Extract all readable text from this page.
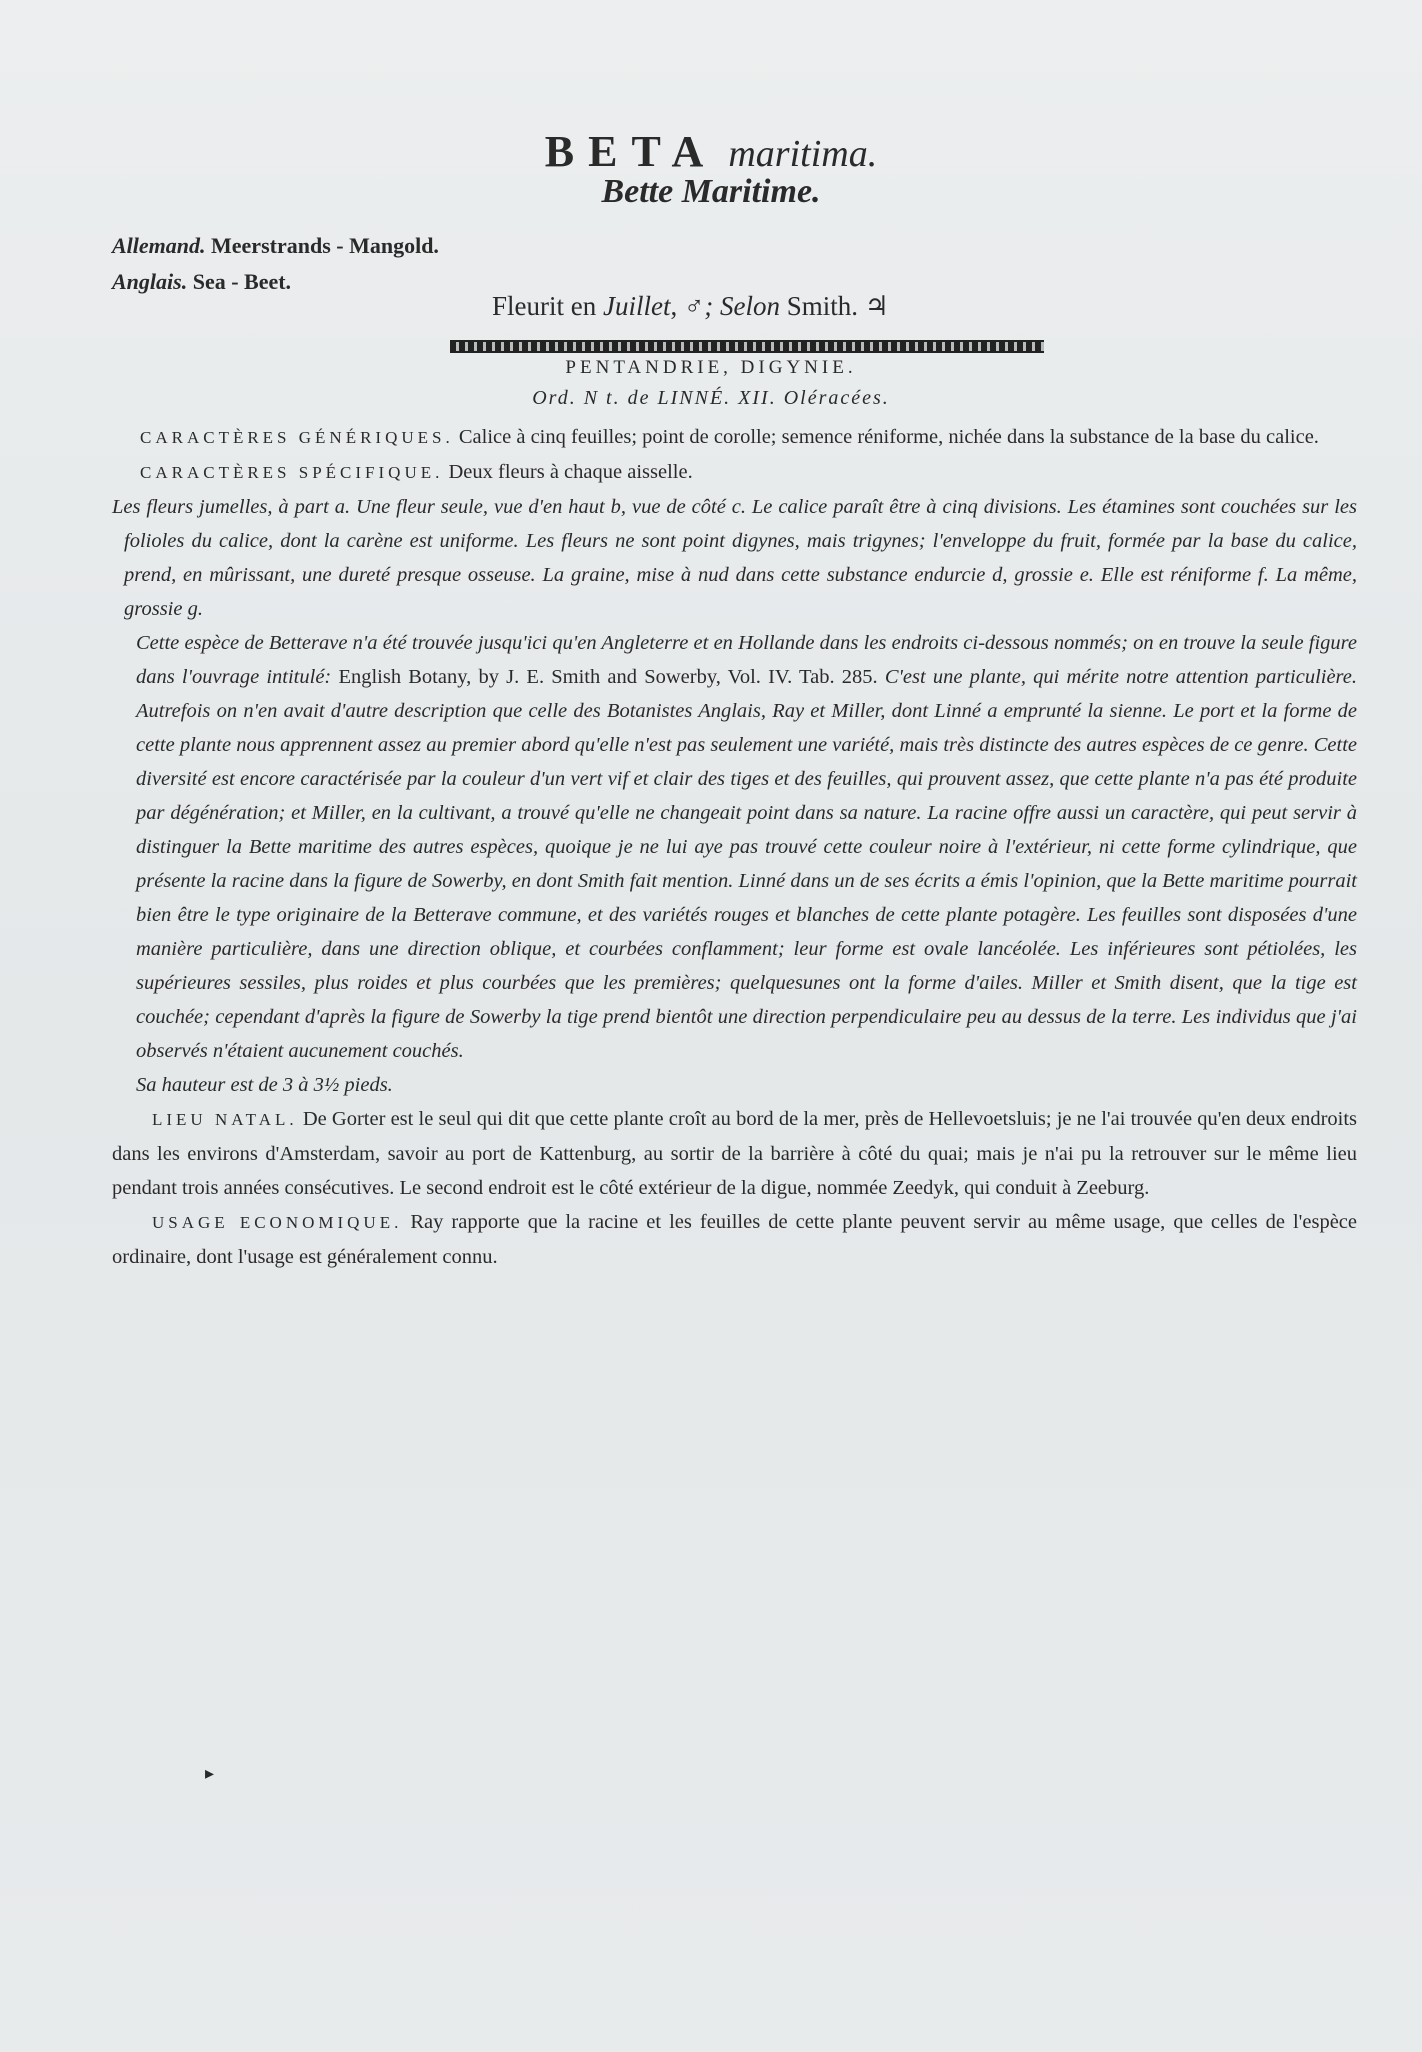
BETA maritima.
Bette Maritime.
Allemand. Meerstrands - Mangold.
Anglais. Sea - Beet.
Fleurit en Juillet, ♂; Selon Smith. ♃
PENTANDRIE, DIGYNIE.
Ord. N t. de LINNÉ. XII. Oléracées.

CARACTÈRES GÉNÉRIQUES. Calice à cinq feuilles; point de corolle; semence réniforme, nichée dans la substance de la base du calice.

CARACTÈRES SPÉCIFIQUE. Deux fleurs à chaque aisselle.

Les fleurs jumelles, à part a. Une fleur seule, vue d'en haut b, vue de côté c. Le calice paraît être à cinq divisions. Les étamines sont couchées sur les folioles du calice, dont la carène est uniforme. Les fleurs ne sont point digynes, mais trigynes; l'enveloppe du fruit, formée par la base du calice, prend, en mûrissant, une dureté presque osseuse. La graine, mise à nud dans cette substance endurcie d, grossie e. Elle est réniforme f. La même, grossie g.

Cette espèce de Betterave n'a été trouvée jusqu'ici qu'en Angleterre et en Hollande dans les endroits ci-dessous nommés; on en trouve la seule figure dans l'ouvrage intitulé: English Botany, by J. E. Smith and Sowerby, Vol. IV. Tab. 285. C'est une plante, qui mérite notre attention particulière. Autrefois on n'en avait d'autre description que celle des Botanistes Anglais, Ray et Miller, dont Linné a emprunté la sienne. Le port et la forme de cette plante nous apprennent assez au premier abord qu'elle n'est pas seulement une variété, mais très distincte des autres espèces de ce genre. Cette diversité est encore caractérisée par la couleur d'un vert vif et clair des tiges et des feuilles, qui prouvent assez, que cette plante n'a pas été produite par dégénération; et Miller, en la cultivant, a trouvé qu'elle ne changeait point dans sa nature. La racine offre aussi un caractère, qui peut servir à distinguer la Bette maritime des autres espèces, quoique je ne lui aye pas trouvé cette couleur noire à l'extérieur, ni cette forme cylindrique, que présente la racine dans la figure de Sowerby, en dont Smith fait mention. Linné dans un de ses écrits a émis l'opinion, que la Bette maritime pourrait bien être le type originaire de la Betterave commune, et des variétés rouges et blanches de cette plante potagère. Les feuilles sont disposées d'une manière particulière, dans une direction oblique, et courbées conflamment; leur forme est ovale lancéolée. Les inférieures sont pétiolées, les supérieures sessiles, plus roides et plus courbées que les premières; quelquesunes ont la forme d'ailes. Miller et Smith disent, que la tige est couchée; cependant d'après la figure de Sowerby la tige prend bientôt une direction perpendiculaire peu au dessus de la terre. Les individus que j'ai observés n'étaient aucunement couchés.

Sa hauteur est de 3 à 3½ pieds.

LIEU NATAL. De Gorter est le seul qui dit que cette plante croît au bord de la mer, près de Hellevoetsluis; je ne l'ai trouvée qu'en deux endroits dans les environs d'Amsterdam, savoir au port de Kattenburg, au sortir de la barrière à côté du quai; mais je n'ai pu la retrouver sur le même lieu pendant trois années consécutives. Le second endroit est le côté extérieur de la digue, nommée Zeedyk, qui conduit à Zeeburg.

USAGE ECONOMIQUE. Ray rapporte que la racine et les feuilles de cette plante peuvent servir au même usage, que celles de l'espèce ordinaire, dont l'usage est généralement connu.

▸
